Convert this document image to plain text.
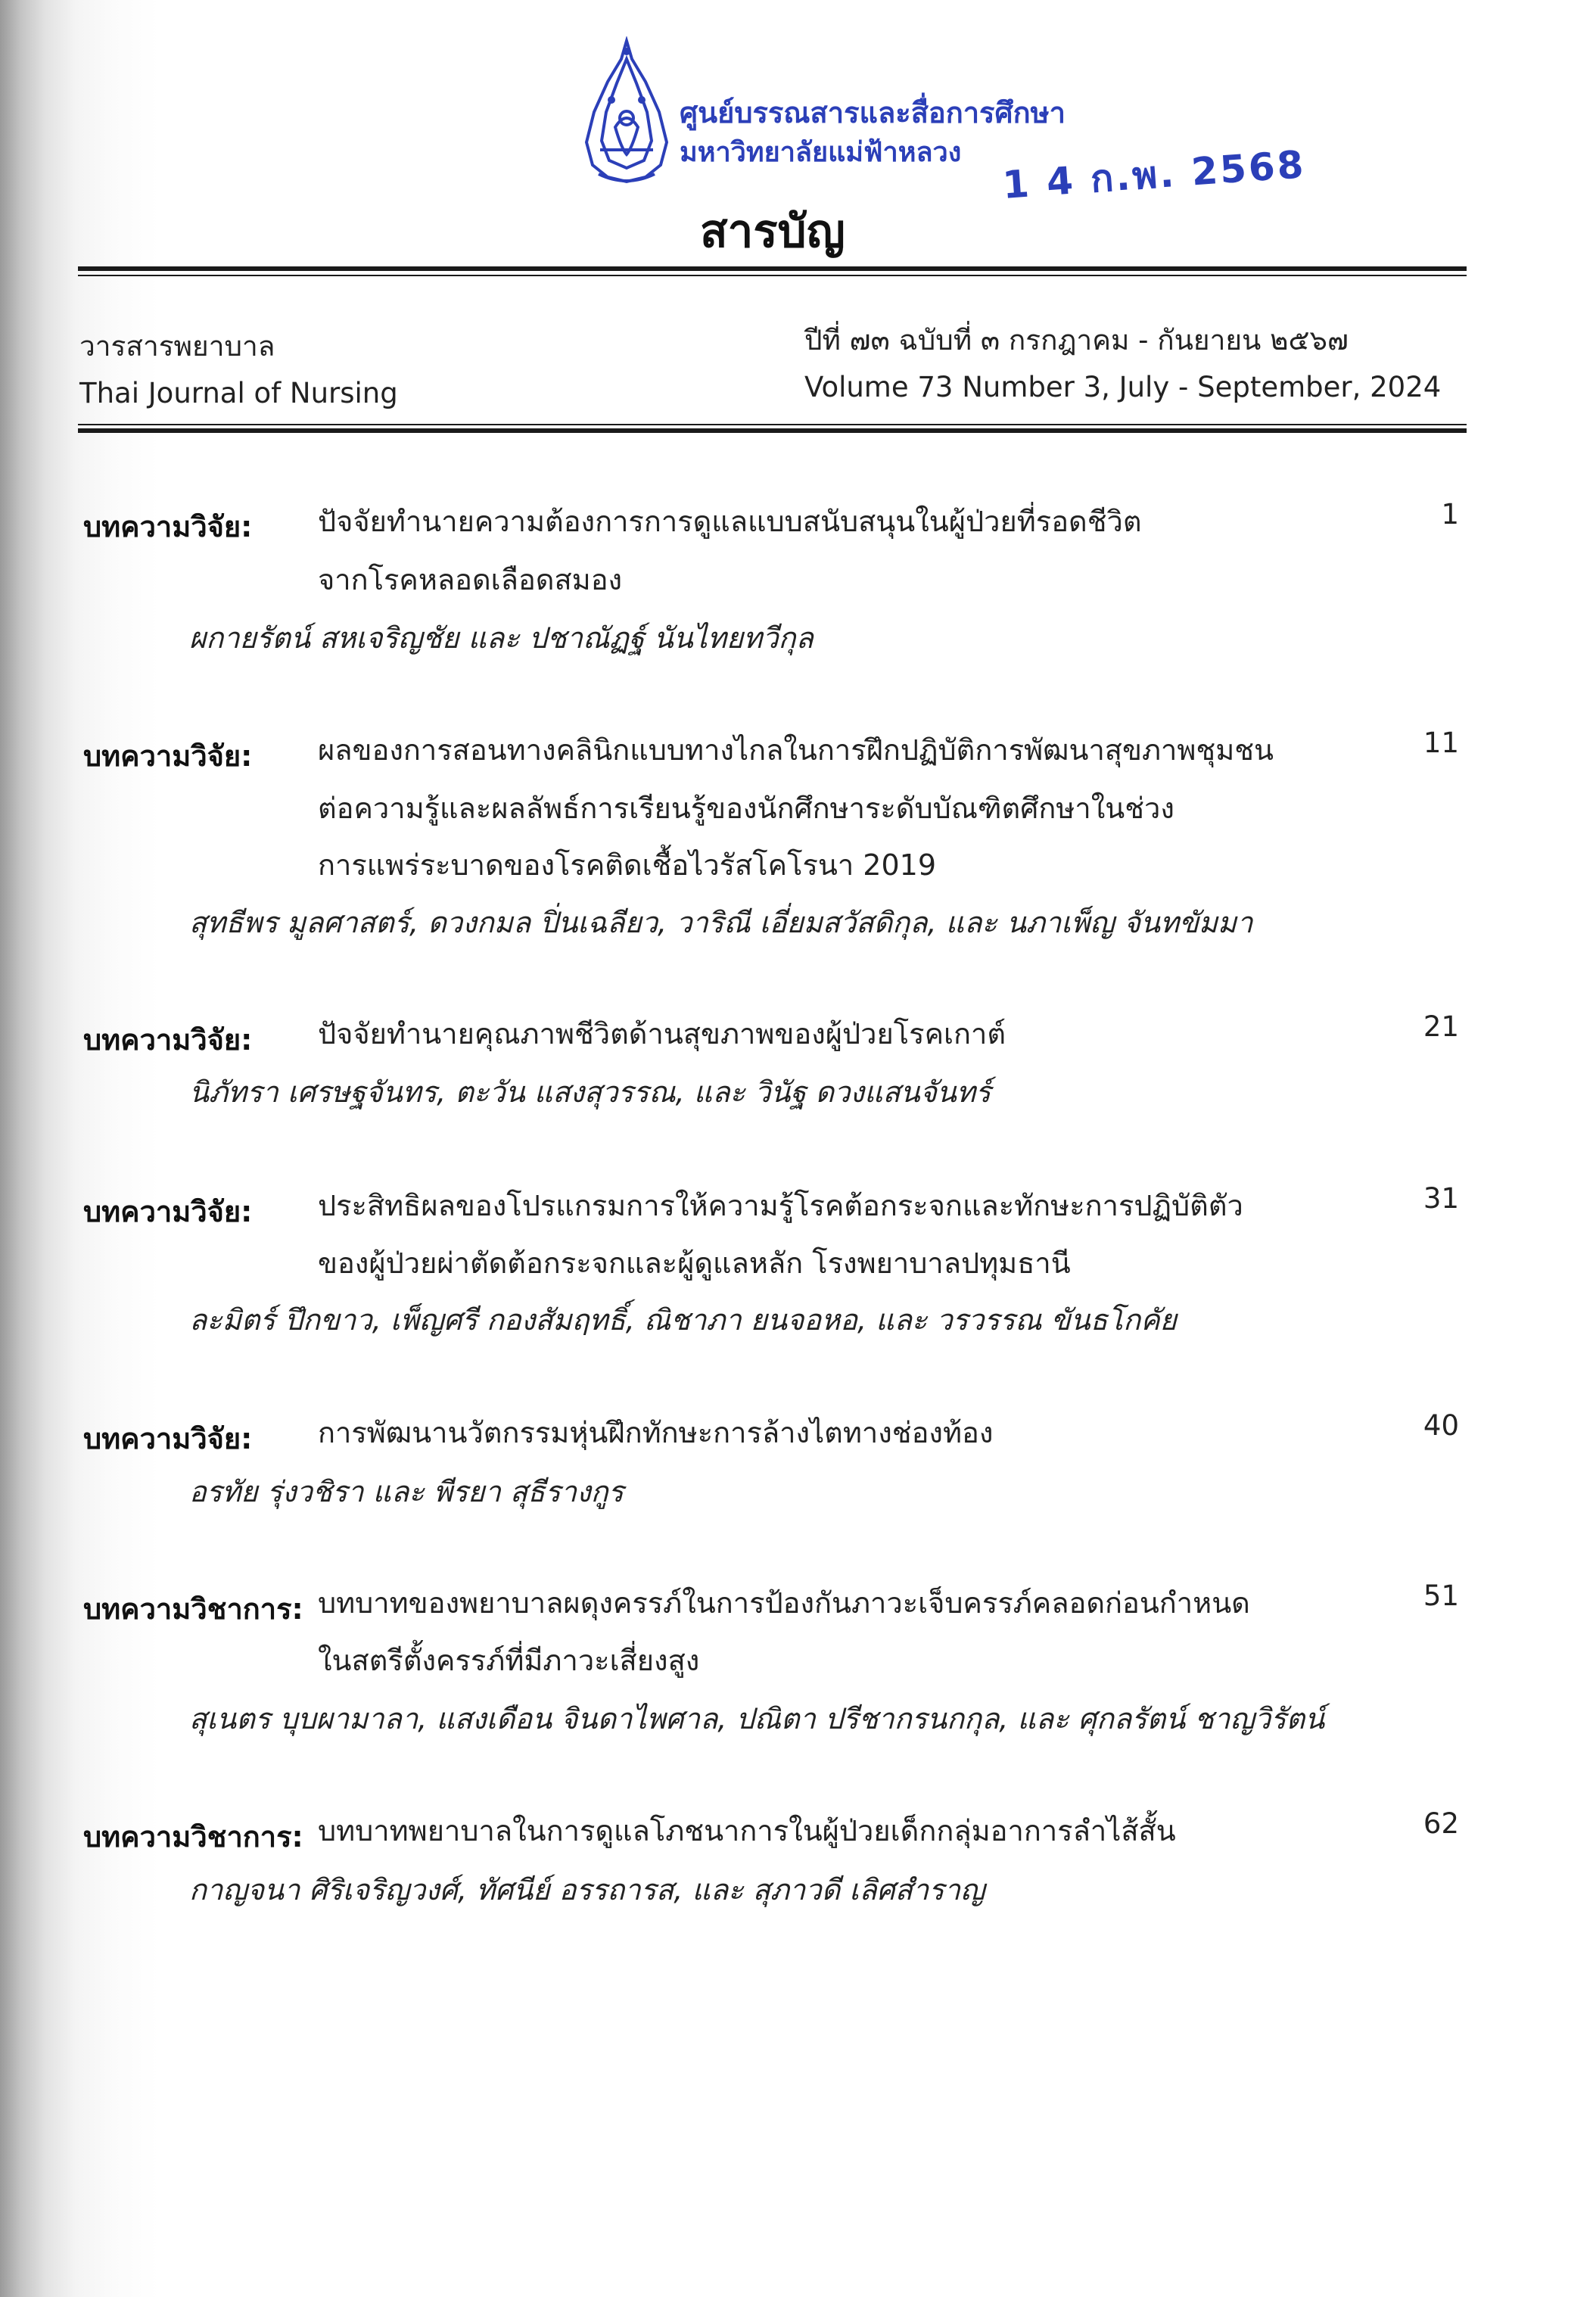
ศูนย์บรรณสารและสื่อการศึกษา
มหาวิทยาลัยแม่ฟ้าหลวง 1 4 ก.พ. 2568
สารบัญ
วารสารพยาบาล
Thai Journal of Nursing
ปีที่ ๗๓ ฉบับที่ ๓ กรกฎาคม - กันยายน ๒๕๖๗
Volume 73 Number 3, July - September, 2024
บทความวิจัย: ปัจจัยทำนายความต้องการการดูแลแบบสนับสนุนในผู้ป่วยที่รอดชีวิต
จากโรคหลอดเลือดสมอง
ผกายรัตน์ สหเจริญชัย และ ปชาณัฏฐ์ นันไทยทวีกุล
1
บทความวิจัย: ผลของการสอนทางคลินิกแบบทางไกลในการฝึกปฏิบัติการพัฒนาสุขภาพชุมชน
ต่อความรู้และผลลัพธ์การเรียนรู้ของนักศึกษาระดับบัณฑิตศึกษาในช่วง
การแพร่ระบาดของโรคติดเชื้อไวรัสโคโรนา 2019
สุทธีพร มูลศาสตร์, ดวงกมล ปิ่นเฉลียว, วาริณี เอี่ยมสวัสดิกุล, และ นภาเพ็ญ จันทขัมมา
11
บทความวิจัย: ปัจจัยทำนายคุณภาพชีวิตด้านสุขภาพของผู้ป่วยโรคเกาต์
นิภัทรา เศรษฐจันทร, ตะวัน แสงสุวรรณ, และ วินัฐ ดวงแสนจันทร์
21
บทความวิจัย: ประสิทธิผลของโปรแกรมการให้ความรู้โรคต้อกระจกและทักษะการปฏิบัติตัว
ของผู้ป่วยผ่าตัดต้อกระจกและผู้ดูแลหลัก โรงพยาบาลปทุมธานี
ละมิตร์ ปึกขาว, เพ็ญศรี กองสัมฤทธิ์, ณิชาภา ยนจอหอ, และ วรวรรณ ขันธโกคัย
31
บทความวิจัย: การพัฒนานวัตกรรมหุ่นฝึกทักษะการล้างไตทางช่องท้อง
อรทัย รุ่งวชิรา และ พีรยา สุธีรางกูร
40
บทความวิชาการ: บทบาทของพยาบาลผดุงครรภ์ในการป้องกันภาวะเจ็บครรภ์คลอดก่อนกำหนด
ในสตรีตั้งครรภ์ที่มีภาวะเสี่ยงสูง
สุเนตร บุบผามาลา, แสงเดือน จินดาไพศาล, ปณิตา ปรีชากรนกกุล, และ ศุกลรัตน์ ชาญวิรัตน์
51
บทความวิชาการ: บทบาทพยาบาลในการดูแลโภชนาการในผู้ป่วยเด็กกลุ่มอาการลำไส้สั้น
กาญจนา ศิริเจริญวงศ์, ทัศนีย์ อรรถารส, และ สุภาวดี เลิศสำราญ
62
